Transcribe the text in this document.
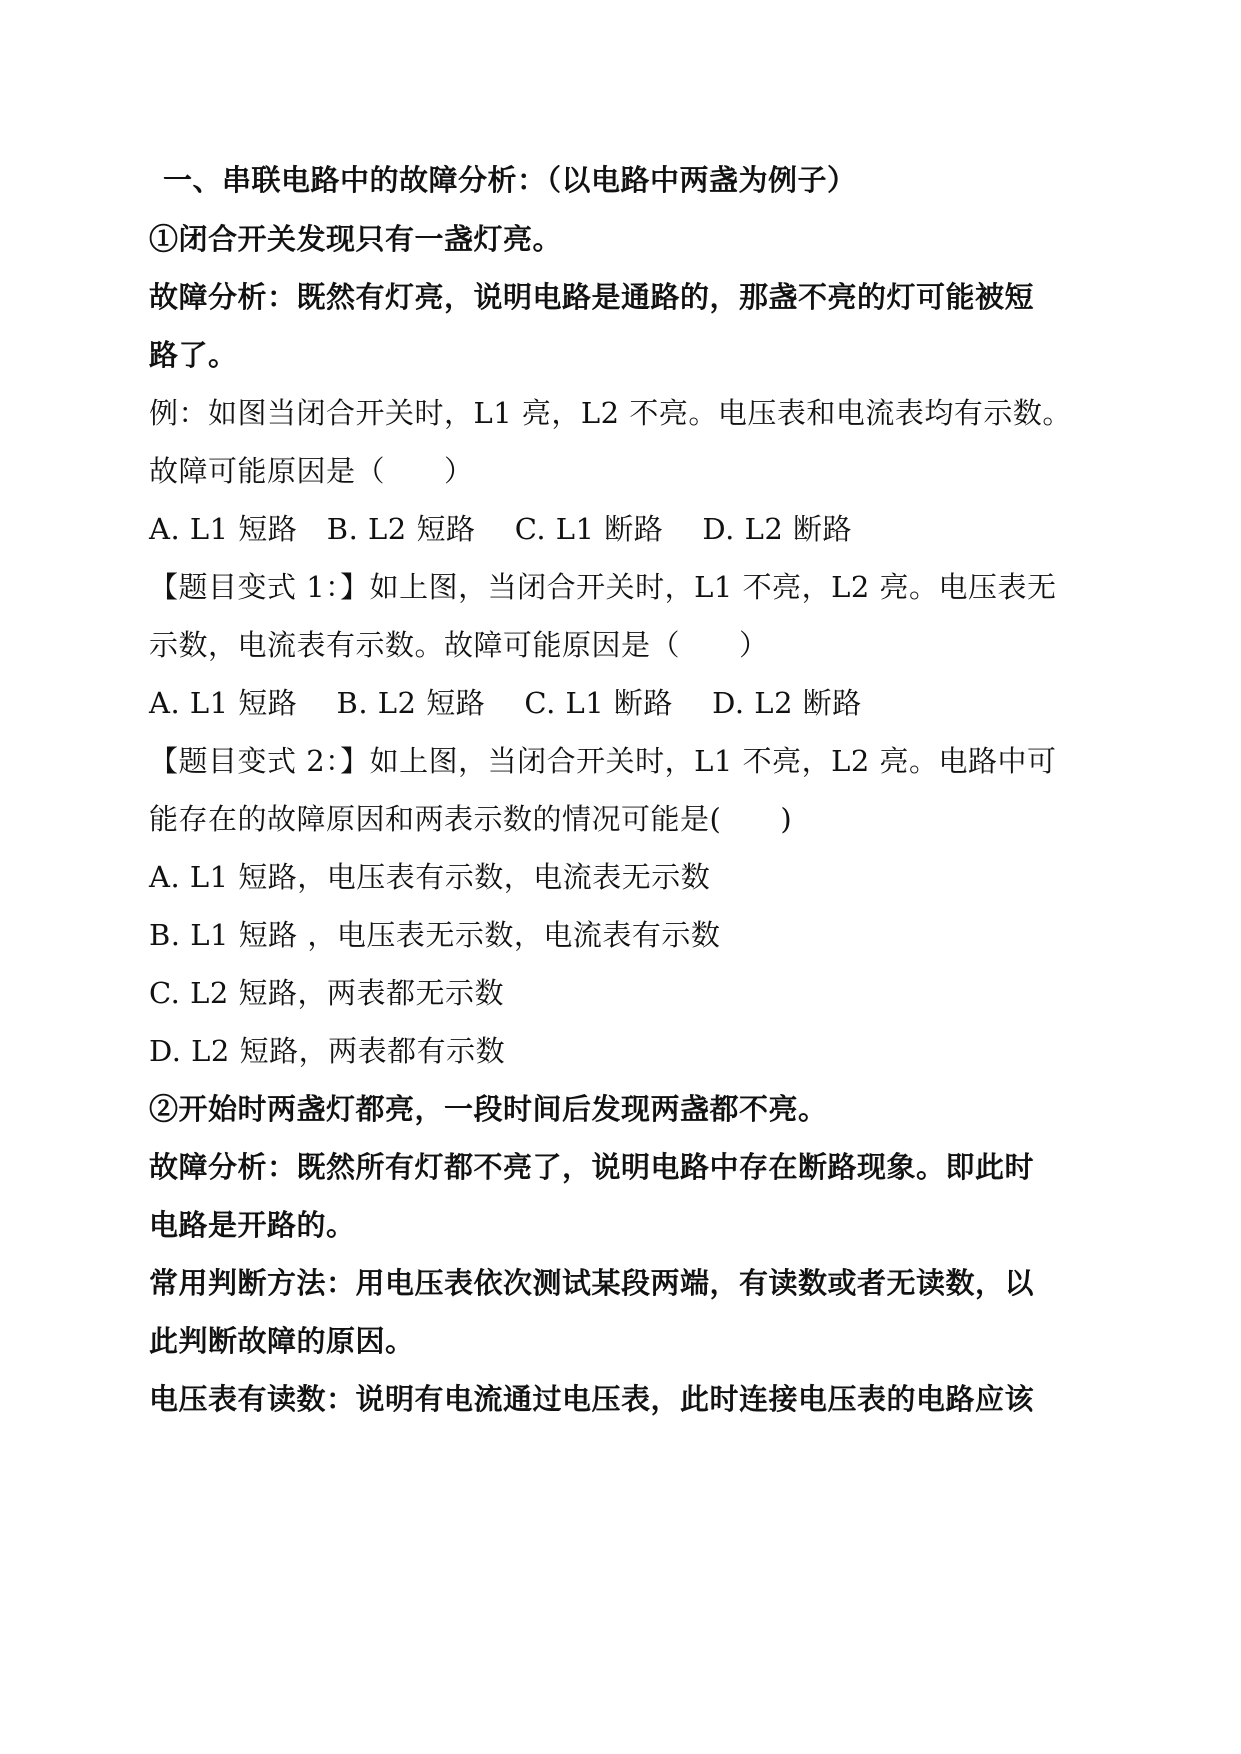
一、串联电路中的故障分析：（以电路中两盏为例子）
①闭合开关发现只有一盏灯亮。
故障分析：既然有灯亮，说明电路是通路的，那盏不亮的灯可能被短
路了。
例：如图当闭合开关时，L1 亮，L2 不亮。电压表和电流表均有示数。
故障可能原因是（　　）
A. L1 短路　B. L2 短路　 C. L1 断路　 D. L2 断路
【题目变式 1：】如上图，当闭合开关时，L1 不亮，L2 亮。电压表无
示数，电流表有示数。故障可能原因是（　　）
A. L1 短路　 B. L2 短路　 C. L1 断路　 D. L2 断路
【题目变式 2：】如上图，当闭合开关时，L1 不亮，L2 亮。电路中可
能存在的故障原因和两表示数的情况可能是(　　)
A. L1 短路，电压表有示数，电流表无示数
B. L1 短路 ，电压表无示数，电流表有示数
C. L2 短路，两表都无示数
D. L2 短路，两表都有示数
②开始时两盏灯都亮，一段时间后发现两盏都不亮。
故障分析：既然所有灯都不亮了，说明电路中存在断路现象。即此时
电路是开路的。
常用判断方法：用电压表依次测试某段两端，有读数或者无读数，以
此判断故障的原因。
电压表有读数：说明有电流通过电压表，此时连接电压表的电路应该
